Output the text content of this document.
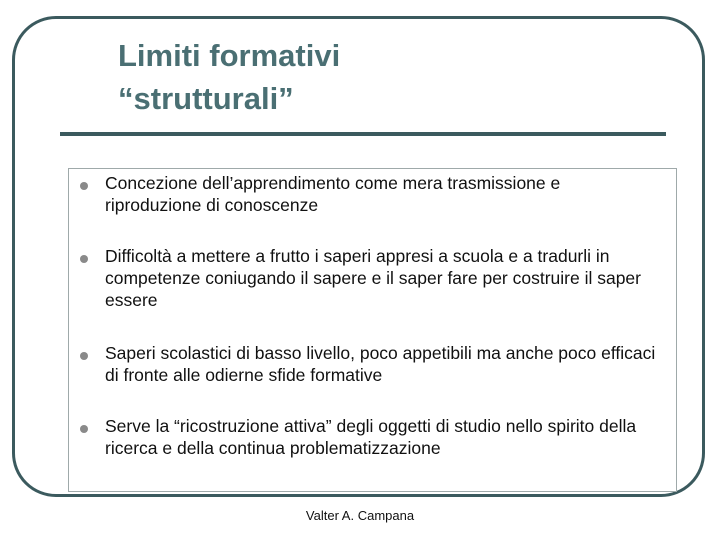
Limiti formativi
“strutturali”
Concezione dell’apprendimento come mera trasmissione e riproduzione di conoscenze
Difficoltà a mettere a frutto i saperi appresi a scuola e a tradurli in competenze coniugando il sapere e il saper fare per costruire il saper essere
Saperi scolastici di basso livello, poco appetibili ma anche poco efficaci di fronte alle odierne sfide formative
Serve la “ricostruzione attiva” degli oggetti di studio nello spirito della ricerca e della continua problematizzazione
Valter A. Campana
